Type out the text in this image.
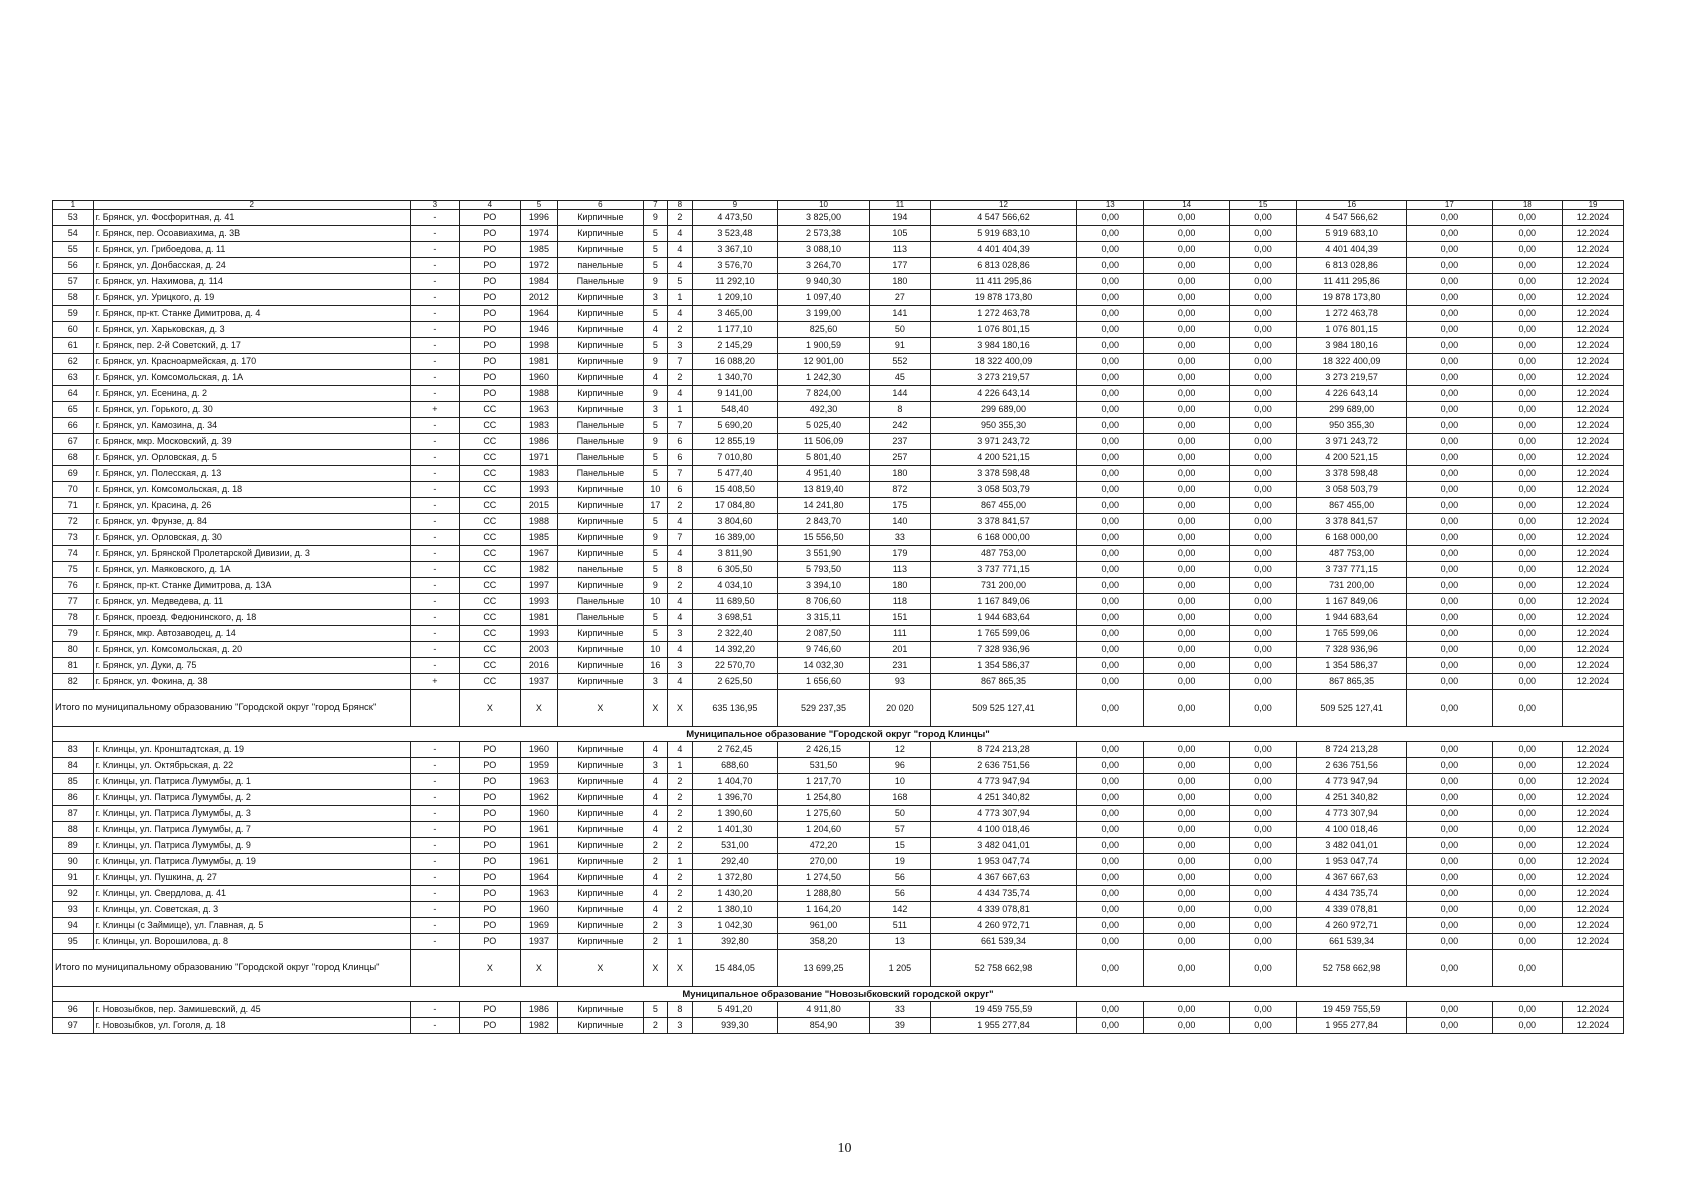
1	2	3	4	5	6	7	8	9	10	11	12	13	14	15	16	17	18	19
53	г. Брянск, ул. Фосфоритная, д. 41	-	РО	1996	Кирпичные	9	2	4 473,50	3 825,00	194	4 547 566,62	0,00	0,00	0,00	4 547 566,62	0,00	0,00	12.2024
54	г. Брянск, пер. Осоавиахима, д. 3В	-	РО	1974	Кирпичные	5	4	3 523,48	2 573,38	105	5 919 683,10	0,00	0,00	0,00	5 919 683,10	0,00	0,00	12.2024
55	г. Брянск, ул. Грибоедова, д. 11	-	РО	1985	Кирпичные	5	4	3 367,10	3 088,10	113	4 401 404,39	0,00	0,00	0,00	4 401 404,39	0,00	0,00	12.2024
56	г. Брянск, ул. Донбасская, д. 24	-	РО	1972	панельные	5	4	3 576,70	3 264,70	177	6 813 028,86	0,00	0,00	0,00	6 813 028,86	0,00	0,00	12.2024
57	г. Брянск, ул. Нахимова, д. 114	-	РО	1984	Панельные	9	5	11 292,10	9 940,30	180	11 411 295,86	0,00	0,00	0,00	11 411 295,86	0,00	0,00	12.2024
58	г. Брянск, ул. Урицкого, д. 19	-	РО	2012	Кирпичные	3	1	1 209,10	1 097,40	27	19 878 173,80	0,00	0,00	0,00	19 878 173,80	0,00	0,00	12.2024
59	г. Брянск, пр-кт. Станке Димитрова, д. 4	-	РО	1964	Кирпичные	5	4	3 465,00	3 199,00	141	1 272 463,78	0,00	0,00	0,00	1 272 463,78	0,00	0,00	12.2024
60	г. Брянск, ул. Харьковская, д. 3	-	РО	1946	Кирпичные	4	2	1 177,10	825,60	50	1 076 801,15	0,00	0,00	0,00	1 076 801,15	0,00	0,00	12.2024
61	г. Брянск, пер. 2-й Советский, д. 17	-	РО	1998	Кирпичные	5	3	2 145,29	1 900,59	91	3 984 180,16	0,00	0,00	0,00	3 984 180,16	0,00	0,00	12.2024
62	г. Брянск, ул. Красноармейская, д. 170	-	РО	1981	Кирпичные	9	7	16 088,20	12 901,00	552	18 322 400,09	0,00	0,00	0,00	18 322 400,09	0,00	0,00	12.2024
63	г. Брянск, ул. Комсомольская, д. 1А	-	РО	1960	Кирпичные	4	2	1 340,70	1 242,30	45	3 273 219,57	0,00	0,00	0,00	3 273 219,57	0,00	0,00	12.2024
64	г. Брянск, ул. Есенина, д. 2	-	РО	1988	Кирпичные	9	4	9 141,00	7 824,00	144	4 226 643,14	0,00	0,00	0,00	4 226 643,14	0,00	0,00	12.2024
65	г. Брянск, ул. Горького, д. 30	+	СС	1963	Кирпичные	3	1	548,40	492,30	8	299 689,00	0,00	0,00	0,00	299 689,00	0,00	0,00	12.2024
66	г. Брянск, ул. Камозина, д. 34	-	СС	1983	Панельные	5	7	5 690,20	5 025,40	242	950 355,30	0,00	0,00	0,00	950 355,30	0,00	0,00	12.2024
67	г. Брянск, мкр. Московский, д. 39	-	СС	1986	Панельные	9	6	12 855,19	11 506,09	237	3 971 243,72	0,00	0,00	0,00	3 971 243,72	0,00	0,00	12.2024
68	г. Брянск, ул. Орловская, д. 5	-	СС	1971	Панельные	5	6	7 010,80	5 801,40	257	4 200 521,15	0,00	0,00	0,00	4 200 521,15	0,00	0,00	12.2024
69	г. Брянск, ул. Полесская, д. 13	-	СС	1983	Панельные	5	7	5 477,40	4 951,40	180	3 378 598,48	0,00	0,00	0,00	3 378 598,48	0,00	0,00	12.2024
70	г. Брянск, ул. Комсомольская, д. 18	-	СС	1993	Кирпичные	10	6	15 408,50	13 819,40	872	3 058 503,79	0,00	0,00	0,00	3 058 503,79	0,00	0,00	12.2024
71	г. Брянск, ул. Красина, д. 26	-	СС	2015	Кирпичные	17	2	17 084,80	14 241,80	175	867 455,00	0,00	0,00	0,00	867 455,00	0,00	0,00	12.2024
72	г. Брянск, ул. Фрунзе, д. 84	-	СС	1988	Кирпичные	5	4	3 804,60	2 843,70	140	3 378 841,57	0,00	0,00	0,00	3 378 841,57	0,00	0,00	12.2024
73	г. Брянск, ул. Орловская, д. 30	-	СС	1985	Кирпичные	9	7	16 389,00	15 556,50	33	6 168 000,00	0,00	0,00	0,00	6 168 000,00	0,00	0,00	12.2024
74	г. Брянск, ул. Брянской Пролетарской Дивизии, д. 3	-	СС	1967	Кирпичные	5	4	3 811,90	3 551,90	179	487 753,00	0,00	0,00	0,00	487 753,00	0,00	0,00	12.2024
75	г. Брянск, ул. Маяковского, д. 1А	-	СС	1982	панельные	5	8	6 305,50	5 793,50	113	3 737 771,15	0,00	0,00	0,00	3 737 771,15	0,00	0,00	12.2024
76	г. Брянск, пр-кт. Станке Димитрова, д. 13А	-	СС	1997	Кирпичные	9	2	4 034,10	3 394,10	180	731 200,00	0,00	0,00	0,00	731 200,00	0,00	0,00	12.2024
77	г. Брянск, ул. Медведева, д. 11	-	СС	1993	Панельные	10	4	11 689,50	8 706,60	118	1 167 849,06	0,00	0,00	0,00	1 167 849,06	0,00	0,00	12.2024
78	г. Брянск, проезд. Федюнинского, д. 18	-	СС	1981	Панельные	5	4	3 698,51	3 315,11	151	1 944 683,64	0,00	0,00	0,00	1 944 683,64	0,00	0,00	12.2024
79	г. Брянск, мкр. Автозаводец, д. 14	-	СС	1993	Кирпичные	5	3	2 322,40	2 087,50	111	1 765 599,06	0,00	0,00	0,00	1 765 599,06	0,00	0,00	12.2024
80	г. Брянск, ул. Комсомольская, д. 20	-	СС	2003	Кирпичные	10	4	14 392,20	9 746,60	201	7 328 936,96	0,00	0,00	0,00	7 328 936,96	0,00	0,00	12.2024
81	г. Брянск, ул. Дуки, д. 75	-	СС	2016	Кирпичные	16	3	22 570,70	14 032,30	231	1 354 586,37	0,00	0,00	0,00	1 354 586,37	0,00	0,00	12.2024
82	г. Брянск, ул. Фокина, д. 38	+	СС	1937	Кирпичные	3	4	2 625,50	1 656,60	93	867 865,35	0,00	0,00	0,00	867 865,35	0,00	0,00	12.2024
Итого по муниципальному образованию "Городской округ "город Брянск"			Х	Х	Х	Х	Х	635 136,95	529 237,35	20 020	509 525 127,41	0,00	0,00	0,00	509 525 127,41	0,00	0,00	
Муниципальное образование "Городской округ "город Клинцы"																		
83	г. Клинцы, ул. Кронштадтская, д. 19	-	РО	1960	Кирпичные	4	4	2 762,45	2 426,15	12	8 724 213,28	0,00	0,00	0,00	8 724 213,28	0,00	0,00	12.2024
84	г. Клинцы, ул. Октябрьская, д. 22	-	РО	1959	Кирпичные	3	1	688,60	531,50	96	2 636 751,56	0,00	0,00	0,00	2 636 751,56	0,00	0,00	12.2024
85	г. Клинцы, ул. Патриса Лумумбы, д. 1	-	РО	1963	Кирпичные	4	2	1 404,70	1 217,70	10	4 773 947,94	0,00	0,00	0,00	4 773 947,94	0,00	0,00	12.2024
86	г. Клинцы, ул. Патриса Лумумбы, д. 2	-	РО	1962	Кирпичные	4	2	1 396,70	1 254,80	168	4 251 340,82	0,00	0,00	0,00	4 251 340,82	0,00	0,00	12.2024
87	г. Клинцы, ул. Патриса Лумумбы, д. 3	-	РО	1960	Кирпичные	4	2	1 390,60	1 275,60	50	4 773 307,94	0,00	0,00	0,00	4 773 307,94	0,00	0,00	12.2024
88	г. Клинцы, ул. Патриса Лумумбы, д. 7	-	РО	1961	Кирпичные	4	2	1 401,30	1 204,60	57	4 100 018,46	0,00	0,00	0,00	4 100 018,46	0,00	0,00	12.2024
89	г. Клинцы, ул. Патриса Лумумбы, д. 9	-	РО	1961	Кирпичные	2	2	531,00	472,20	15	3 482 041,01	0,00	0,00	0,00	3 482 041,01	0,00	0,00	12.2024
90	г. Клинцы, ул. Патриса Лумумбы, д. 19	-	РО	1961	Кирпичные	2	1	292,40	270,00	19	1 953 047,74	0,00	0,00	0,00	1 953 047,74	0,00	0,00	12.2024
91	г. Клинцы, ул. Пушкина, д. 27	-	РО	1964	Кирпичные	4	2	1 372,80	1 274,50	56	4 367 667,63	0,00	0,00	0,00	4 367 667,63	0,00	0,00	12.2024
92	г. Клинцы, ул. Свердлова, д. 41	-	РО	1963	Кирпичные	4	2	1 430,20	1 288,80	56	4 434 735,74	0,00	0,00	0,00	4 434 735,74	0,00	0,00	12.2024
93	г. Клинцы, ул. Советская, д. 3	-	РО	1960	Кирпичные	4	2	1 380,10	1 164,20	142	4 339 078,81	0,00	0,00	0,00	4 339 078,81	0,00	0,00	12.2024
94	г. Клинцы (с Займище), ул. Главная, д. 5	-	РО	1969	Кирпичные	2	3	1 042,30	961,00	511	4 260 972,71	0,00	0,00	0,00	4 260 972,71	0,00	0,00	12.2024
95	г. Клинцы, ул. Ворошилова, д. 8	-	РО	1937	Кирпичные	2	1	392,80	358,20	13	661 539,34	0,00	0,00	0,00	661 539,34	0,00	0,00	12.2024
Итого по муниципальному образованию "Городской округ "город Клинцы"			Х	Х	Х	Х	Х	15 484,05	13 699,25	1 205	52 758 662,98	0,00	0,00	0,00	52 758 662,98	0,00	0,00	
Муниципальное образование "Новозыбковский городской округ"																		
96	г. Новозыбков, пер. Замишевский, д. 45	-	РО	1986	Кирпичные	5	8	5 491,20	4 911,80	33	19 459 755,59	0,00	0,00	0,00	19 459 755,59	0,00	0,00	12.2024
97	г. Новозыбков, ул. Гоголя, д. 18	-	РО	1982	Кирпичные	2	3	939,30	854,90	39	1 955 277,84	0,00	0,00	0,00	1 955 277,84	0,00	0,00	12.2024
10
